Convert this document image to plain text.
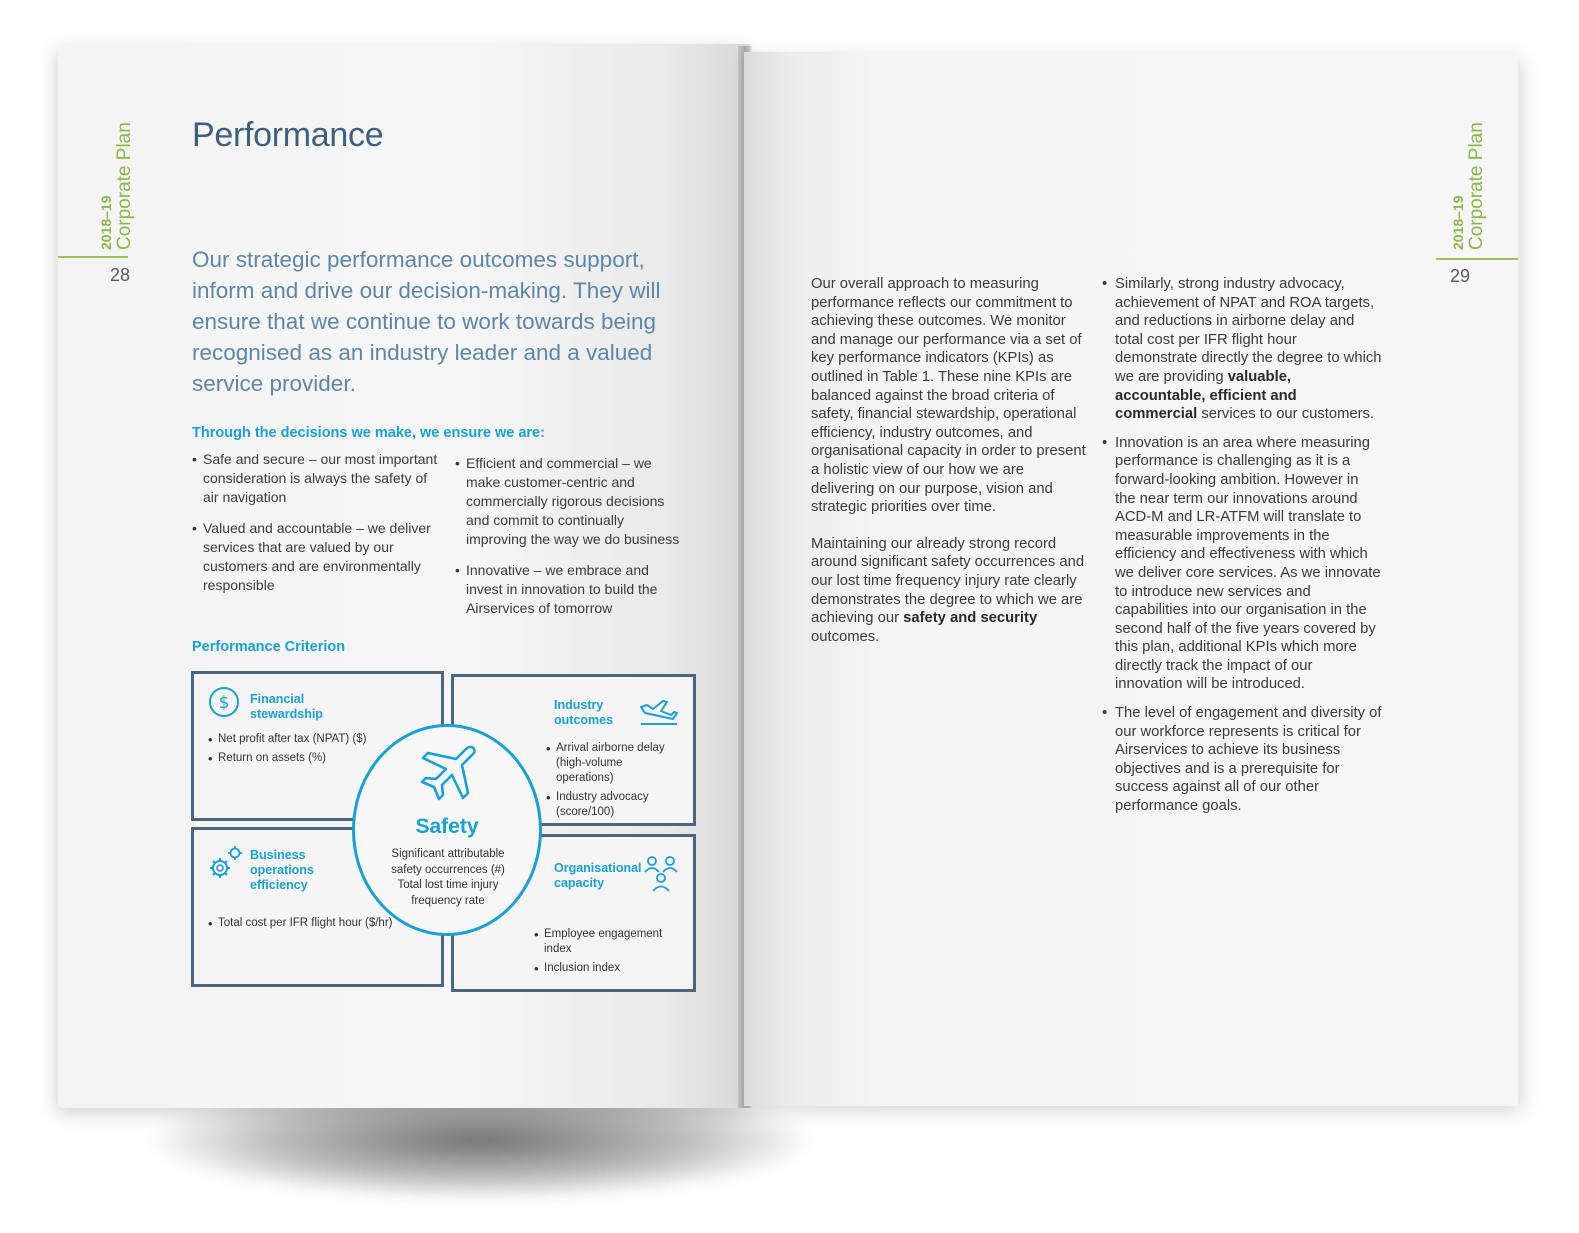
2018–19 Corporate Plan
28
Performance
Our strategic performance outcomes support, inform and drive our decision-making. They will ensure that we continue to work towards being recognised as an industry leader and a valued service provider.
Through the decisions we make, we ensure we are:
• Safe and secure – our most important consideration is always the safety of air navigation
• Valued and accountable – we deliver services that are valued by our customers and are environmentally responsible
• Efficient and commercial – we make customer-centric and commercially rigorous decisions and commit to continually improving the way we do business
• Innovative – we embrace and invest in innovation to build the Airservices of tomorrow
Performance Criterion
$ Financial
stewardship
• Net profit after tax (NPAT) ($)
• Return on assets (%)
Industry
outcomes
• Arrival airborne delay (high-volume operations)
• Industry advocacy (score/100)
Business
operations
efficiency
• Total cost per IFR flight hour ($/hr)
Organisational
capacity
• Employee engagement index
• Inclusion index
Safety
Significant attributable safety occurrences (#) Total lost time injury frequency rate
2018–19 Corporate Plan
29

Our overall approach to measuring performance reflects our commitment to achieving these outcomes. We monitor and manage our performance via a set of key performance indicators (KPIs) as outlined in Table 1. These nine KPIs are balanced against the broad criteria of safety, financial stewardship, operational efficiency, industry outcomes, and organisational capacity in order to present a holistic view of our how we are delivering on our purpose, vision and strategic priorities over time.

Maintaining our already strong record around significant safety occurrences and our lost time frequency injury rate clearly demonstrates the degree to which we are achieving our safety and security outcomes.

• Similarly, strong industry advocacy, achievement of NPAT and ROA targets, and reductions in airborne delay and total cost per IFR flight hour demonstrate directly the degree to which we are providing valuable, accountable, efficient and commercial services to our customers.
• Innovation is an area where measuring performance is challenging as it is a forward-looking ambition. However in the near term our innovations around ACD-M and LR-ATFM will translate to measurable improvements in the efficiency and effectiveness with which we deliver core services. As we innovate to introduce new services and capabilities into our organisation in the second half of the five years covered by this plan, additional KPIs which more directly track the impact of our innovation will be introduced.
• The level of engagement and diversity of our workforce represents is critical for Airservices to achieve its business objectives and is a prerequisite for success against all of our other performance goals.
